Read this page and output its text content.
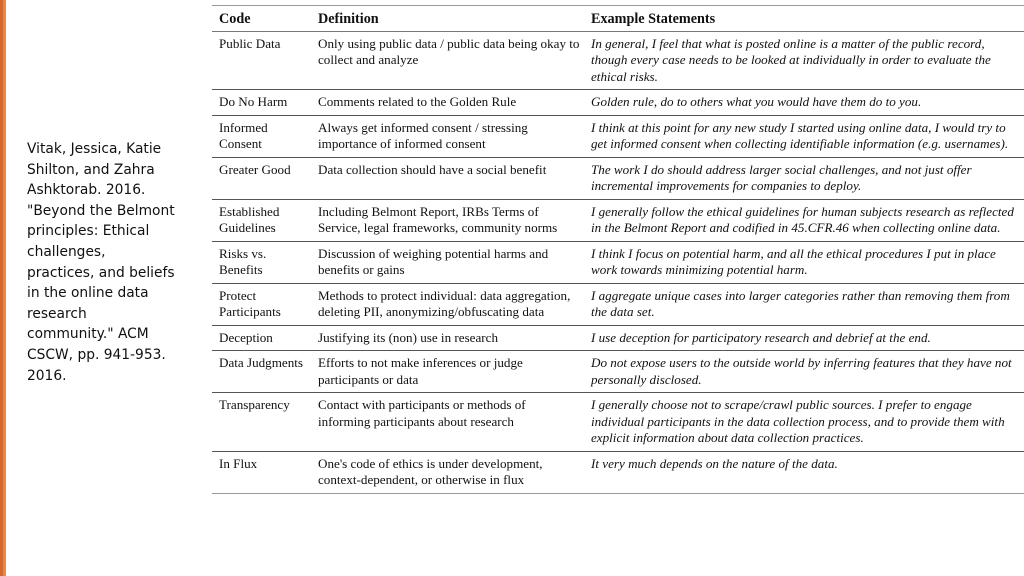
Vitak, Jessica, Katie Shilton, and Zahra Ashktorab. 2016. "Beyond the Belmont principles: Ethical challenges, practices, and beliefs in the online data research community." ACM CSCW, pp. 941-953. 2016.

Code	Definition	Example Statements
Public Data	Only using public data / public data being okay to collect and analyze	In general, I feel that what is posted online is a matter of the public record, though every case needs to be looked at individually in order to evaluate the ethical risks.
Do No Harm	Comments related to the Golden Rule	Golden rule, do to others what you would have them do to you.
Informed Consent	Always get informed consent / stressing importance of informed consent	I think at this point for any new study I started using online data, I would try to get informed consent when collecting identifiable information (e.g. usernames).
Greater Good	Data collection should have a social benefit	The work I do should address larger social challenges, and not just offer incremental improvements for companies to deploy.
Established Guidelines	Including Belmont Report, IRBs Terms of Service, legal frameworks, community norms	I generally follow the ethical guidelines for human subjects research as reflected in the Belmont Report and codified in 45.CFR.46 when collecting online data.
Risks vs. Benefits	Discussion of weighing potential harms and benefits or gains	I think I focus on potential harm, and all the ethical procedures I put in place work towards minimizing potential harm.
Protect Participants	Methods to protect individual: data aggregation, deleting PII, anonymizing/obfuscating data	I aggregate unique cases into larger categories rather than removing them from the data set.
Deception	Justifying its (non) use in research	I use deception for participatory research and debrief at the end.
Data Judgments	Efforts to not make inferences or judge participants or data	Do not expose users to the outside world by inferring features that they have not personally disclosed.
Transparency	Contact with participants or methods of informing participants about research	I generally choose not to scrape/crawl public sources. I prefer to engage individual participants in the data collection process, and to provide them with explicit information about data collection practices.
In Flux	One's code of ethics is under development, context-dependent, or otherwise in flux	It very much depends on the nature of the data.
